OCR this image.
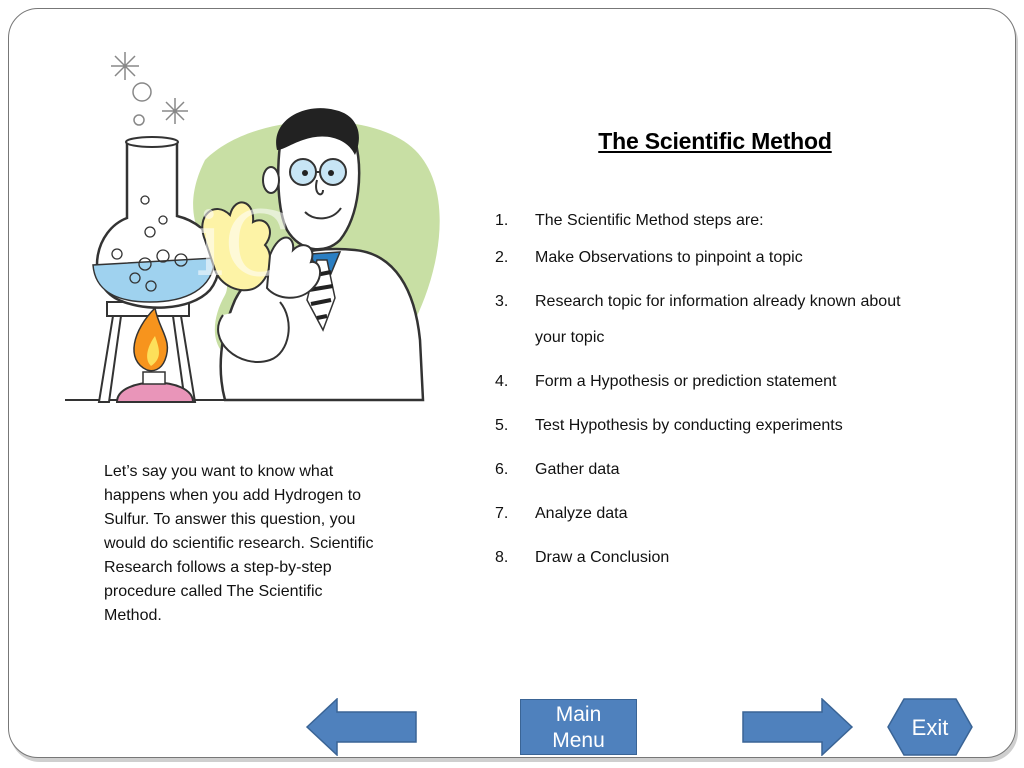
iC
The Scientific Method
1.	The Scientific Method steps are:
2.	Make Observations to pinpoint a topic
3.	Research topic for information already known about
your topic
4.	Form a Hypothesis or prediction statement
5.	Test Hypothesis by conducting experiments
6.	Gather data
7.	Analyze data
8.	Draw a Conclusion
Let’s say you want to know what happens when you add Hydrogen to Sulfur. To answer this question, you would do scientific research. Scientific Research follows a step-by-step procedure called The Scientific Method.
Main
Menu
Exit
